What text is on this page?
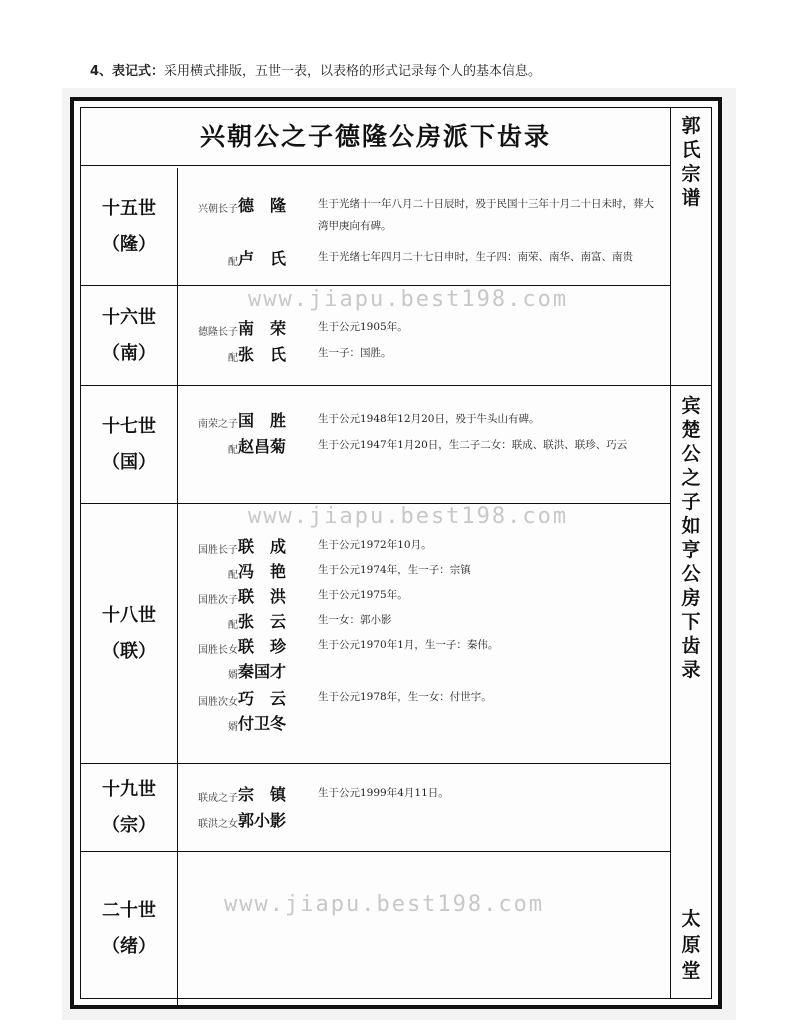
4、表记式：采用横式排版，五世一表，以表格的形式记录每个人的基本信息。
兴朝公之子德隆公房派下齿录
十五世
（隆）
兴朝长子 德　隆	生于光绪十一年八月二十日辰时，殁于民国十三年十月二十日未时，葬大湾甲庚向有碑。
配 卢　氏	生于光绪七年四月二十七日申时，生子四：南荣、南华、南富、南贵
十六世
（南）
德隆长子 南　荣	生于公元1905年。
配 张　氏	生一子：国胜。
十七世
（国）
南荣之子 国　胜	生于公元1948年12月20日，殁于牛头山有碑。
配 赵昌菊	生于公元1947年1月20日，生二子二女：联成、联洪、联珍、巧云
十八世
（联）
国胜长子 联　成	生于公元1972年10月。
配 冯　艳	生于公元1974年，生一子：宗镇
国胜次子 联　洪	生于公元1975年。
配 张　云	生一女：郭小影
国胜长女 联　珍	生于公元1970年1月，生一子：秦伟。
婿 秦国才
国胜次女 巧　云	生于公元1978年，生一女：付世宇。
婿 付卫冬
十九世
（宗）
联成之子 宗　镇	生于公元1999年4月11日。
联洪之女 郭小影
二十世
（绪）
郭
氏
宗
谱
宾
楚
公
之
子
如
亨
公
房
下
齿
录
太
原
堂
www.jiapu.best198.com
www.jiapu.best198.com
www.jiapu.best198.com
